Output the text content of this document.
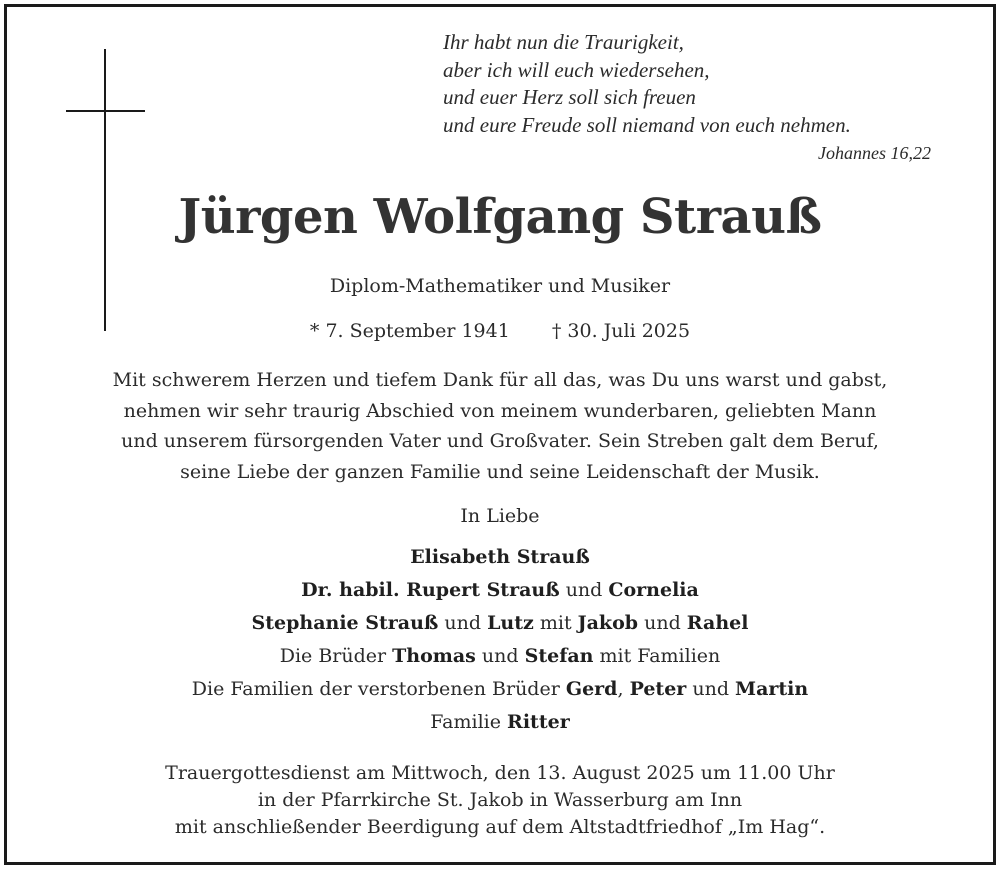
Ihr habt nun die Traurigkeit,
aber ich will euch wiedersehen,
und euer Herz soll sich freuen
und eure Freude soll niemand von euch nehmen.
Johannes 16,22
Jürgen Wolfgang Strauß
Diplom-Mathematiker und Musiker
* 7. September 1941 † 30. Juli 2025
Mit schwerem Herzen und tiefem Dank für all das, was Du uns warst und gabst,
nehmen wir sehr traurig Abschied von meinem wunderbaren, geliebten Mann
und unserem fürsorgenden Vater und Großvater. Sein Streben galt dem Beruf,
seine Liebe der ganzen Familie und seine Leidenschaft der Musik.
In Liebe
Elisabeth Strauß
Dr. habil. Rupert Strauß und Cornelia
Stephanie Strauß und Lutz mit Jakob und Rahel
Die Brüder Thomas und Stefan mit Familien
Die Familien der verstorbenen Brüder Gerd, Peter und Martin
Familie Ritter
Trauergottesdienst am Mittwoch, den 13. August 2025 um 11.00 Uhr
in der Pfarrkirche St. Jakob in Wasserburg am Inn
mit anschließender Beerdigung auf dem Altstadtfriedhof „Im Hag“.
